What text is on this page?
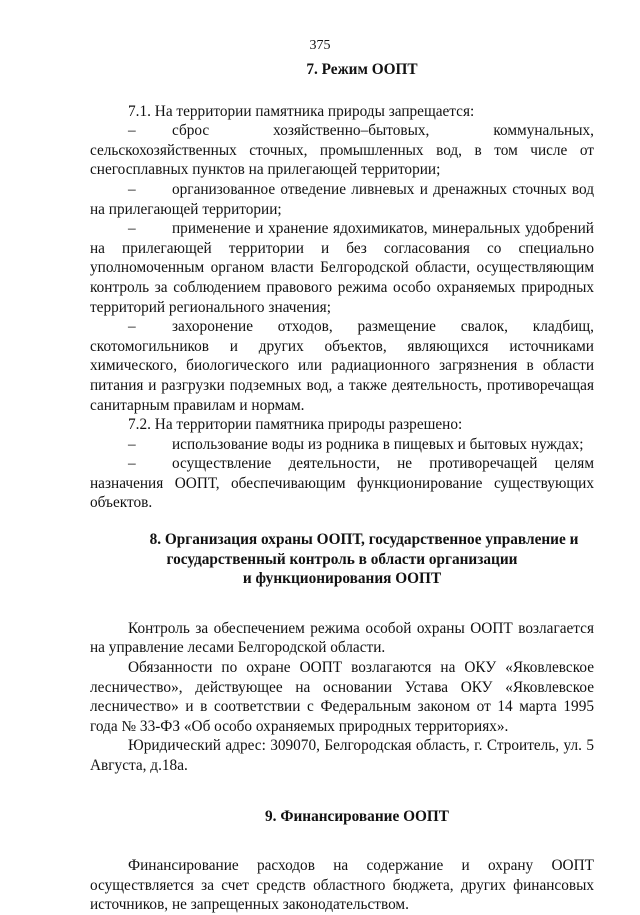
375

7. Режим ООПТ

7.1. На территории памятника природы запрещается:

– сброс хозяйственно–бытовых, коммунальных, сельскохозяйственных сточных, промышленных вод, в том числе от снегосплавных пунктов на прилегающей территории;

– организованное отведение ливневых и дренажных сточных вод на прилегающей территории;

– применение и хранение ядохимикатов, минеральных удобрений на прилегающей территории и без согласования со специально уполномоченным органом власти Белгородской области, осуществляющим контроль за соблюдением правового режима особо охраняемых природных территорий регионального значения;

– захоронение отходов, размещение свалок, кладбищ, скотомогильников и других объектов, являющихся источниками химического, биологического или радиационного загрязнения в области питания и разгрузки подземных вод, а также деятельность, противоречащая санитарным правилам и нормам.

7.2. На территории памятника природы разрешено:

– использование воды из родника в пищевых и бытовых нуждах;

– осуществление деятельности, не противоречащей целям назначения ООПТ, обеспечивающим функционирование существующих объектов.

8. Организация охраны ООПТ, государственное управление и
государственный контроль в области организации
и функционирования ООПТ

Контроль за обеспечением режима особой охраны ООПТ возлагается на управление лесами Белгородской области.

Обязанности по охране ООПТ возлагаются на ОКУ «Яковлевское лесничество», действующее на основании Устава ОКУ «Яковлевское лесничество» и в соответствии с Федеральным законом от 14 марта 1995 года № 33-ФЗ «Об особо охраняемых природных территориях».

Юридический адрес: 309070, Белгородская область, г. Строитель, ул. 5 Августа, д.18а.

9. Финансирование ООПТ

Финансирование расходов на содержание и охрану ООПТ осуществляется за счет средств областного бюджета, других финансовых источников, не запрещенных законодательством.
